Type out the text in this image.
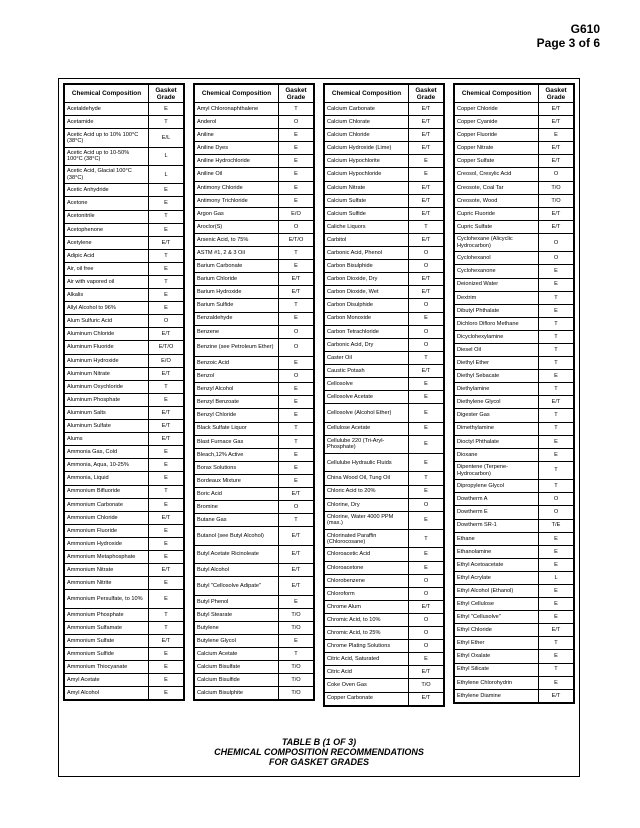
G610
Page 3 of 6
Chemical Composition	Gasket Grade
Acetaldehyde	E
Acetamide	T
Acetic Acid up to 10% 100°C (38°C)	E/L
Acetic Acid up to 10-50% 100°C (38°C)	L
Acetic Acid, Glacial 100°C (38°C)	L
Acetic Anhydride	E
Acetone	E
Acetonitrile	T
Acetophenone	E
Acetylene	E/T
Adipic Acid	T
Air, oil free	E
Air with vapored oil	T
Alkalis	E
Allyl Alcohol to 96%	E
Alum Sulfuric Acid	O
Aluminum Chloride	E/T
Aluminum Fluoride	E/T/O
Aluminum Hydroxide	E/O
Aluminum Nitrate	E/T
Aluminum Oxychloride	T
Aluminum Phosphate	E
Aluminum Salts	E/T
Aluminum Sulfate	E/T
Alums	E/T
Ammonia Gas, Cold	E
Ammonia, Aqua, 10-25%	E
Ammonia, Liquid	E
Ammonium Bifluoride	T
Ammonium Carbonate	E
Ammonium Chloride	E/T
Ammonium Fluoride	E
Ammonium Hydroxide	E
Ammonium Metaphosphate	E
Ammonium Nitrate	E/T
Ammonium Nitrite	E
Ammonium Persulfate, to 10%	E
Ammonium Phosphate	T
Ammonium Sulfamate	T
Ammonium Sulfate	E/T
Ammonium Sulfide	E
Ammonium Thiocyanate	E
Amyl Acetate	E
Amyl Alcohol	E
Chemical Composition	Gasket Grade
Amyl Chloronaphthalene	T
Anderol	O
Aniline	E
Aniline Dyes	E
Aniline Hydrochloride	E
Aniline Oil	E
Antimony Chloride	E
Antimony Trichloride	E
Argon Gas	E/O
Aroclor(S)	O
Arsenic Acid, to 75%	E/T/O
ASTM #1, 2 & 3 Oil	T
Barium Carbonate	E
Barium Chloride	E/T
Barium Hydroxide	E/T
Barium Sulfide	T
Benzaldehyde	E
Benzene	O
Benzine (see Petroleum Ether)	O
Benzoic Acid	E
Benzol	O
Benzyl Alcohol	E
Benzyl Benzoate	E
Benzyl Chloride	E
Black Sulfate Liquor	T
Blast Furnace Gas	T
Bleach,12% Active	E
Borax Solutions	E
Bordeaux Mixture	E
Boric Acid	E/T
Bromine	O
Butane Gas	T
Butanol (see Butyl Alcohol)	E/T
Butyl Acetate Ricinoleate	E/T
Butyl Alcohol	E/T
Butyl "Cellosolve Adipate"	E/T
Butyl Phenol	E
Butyl Stearate	T/O
Butylene	T/O
Butylene Glycol	E
Calcium Acetate	T
Calcium Bisulfate	T/O
Calcium Bisulfide	T/O
Calcium Bisulphite	T/O
Chemical Composition	Gasket Grade
Calcium Carbonate	E/T
Calcium Chlorate	E/T
Calcium Chloride	E/T
Calcium Hydroxide (Lime)	E/T
Calcium Hypochlorite	E
Calcium Hypochloride	E
Calcium Nitrate	E/T
Calcium Sulfate	E/T
Calcium Sulfide	E/T
Caliche Liquors	T
Carbitol	E/T
Carbonic Acid, Phenol	O
Carbon Bisulphide	O
Carbon Dioxide, Dry	E/T
Carbon Dioxide, Wet	E/T
Carbon Disulphide	O
Carbon Monoxide	E
Carbon Tetrachloride	O
Carbonic Acid, Dry	O
Caster Oil	T
Caustic Potash	E/T
Cellosolve	E
Cellosolve Acetate	E
Cellosolve (Alcohol Ether)	E
Cellulose Acetate	E
Cellulube 220 (Tri-Aryl-Phosphate)	E
Cellulube Hydraulic Fluids	E
China Wood Oil, Tung Oil	T
Chloric Acid to 20%	E
Chlorine, Dry	O
Chlorine, Water 4000 PPM (max.)	E
Chlorinated Paraffin (Chlorocosane)	T
Chloroacetic Acid	E
Chloroacetone	E
Chlorobenzene	O
Chloroform	O
Chrome Alum	E/T
Chromic Acid, to 10%	O
Chromic Acid, to 25%	O
Chrome Plating Solutions	O
Citric Acid, Saturated	E
Citric Acid	E/T
Coke Oven Gas	T/O
Copper Carbonate	E/T
Chemical Composition	Gasket Grade
Copper Chloride	E/T
Copper Cyanide	E/T
Copper Fluoride	E
Copper Nitrate	E/T
Copper Sulfate	E/T
Creosol, Cresylic Acid	O
Creosote, Coal Tar	T/O
Creosote, Wood	T/O
Cupric Fluoride	E/T
Cupric Sulfate	E/T
Cyclohexane (Alicyclic Hydrocarbon)	O
Cyclohexanol	O
Cyclohexanone	E
Deionized Water	E
Dextrim	T
Dibutyl Phthalate	E
Dichloro Difloro Methane	T
Dicyclohexylamine	T
Diesel Oil	T
Diethyl Ether	T
Diethyl Sebacate	E
Diethylamine	T
Diethylene Glycol	E/T
Digester Gas	T
Dimethylamine	T
Dioctyl Phthalate	E
Dioxane	E
Dipentene (Terpene-Hydrocarbon)	T
Dipropylene Glycol	T
Dowtherm A	O
Dowtherm E	O
Dowtherm SR-1	T/E
Ethane	E
Ethanolamine	E
Ethyl Acetoacetate	E
Ethyl Acrylate	L
Ethyl Alcohol (Ethanol)	E
Ethyl Cellulose	E
Ethyl "Cellusolve"	E
Ethyl Chloride	E/T
Ethyl Ether	T
Ethyl Oxalate	E
Ethyl Silicate	T
Ethylene Chlorohydrin	E
Ethylene Diamine	E/T
TABLE B (1 OF 3)
CHEMICAL COMPOSITION RECOMMENDATIONS
FOR GASKET GRADES
